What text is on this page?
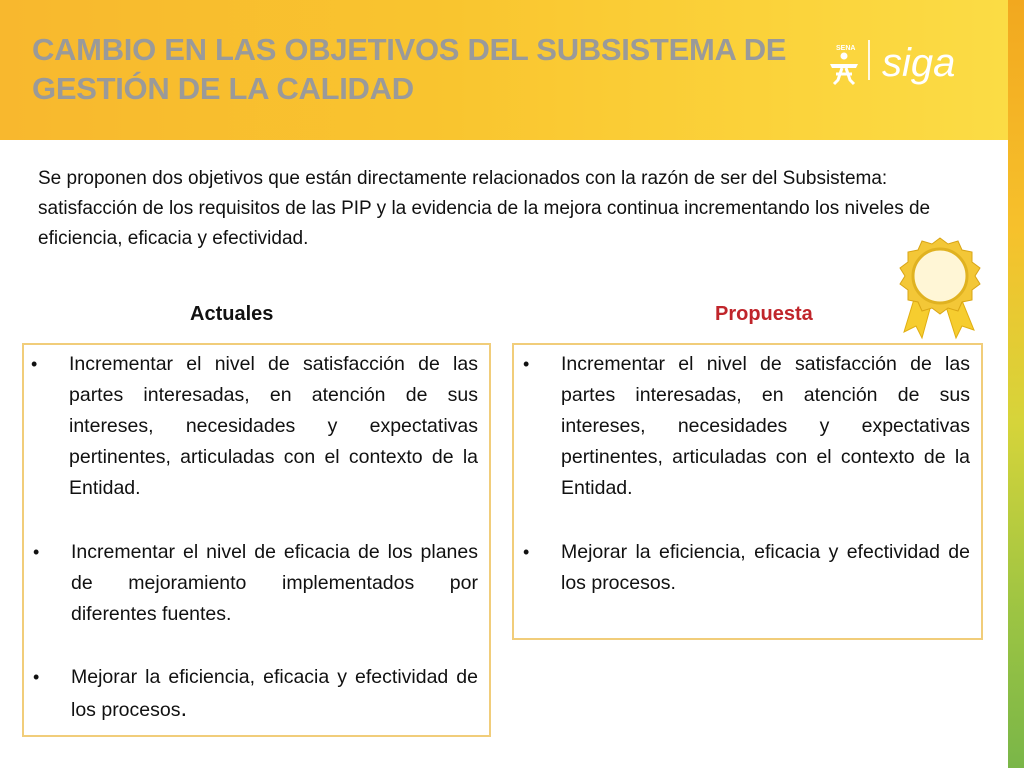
CAMBIO EN LAS OBJETIVOS DEL SUBSISTEMA DE GESTIÓN DE LA CALIDAD
SENA siga
Se proponen dos objetivos que están directamente relacionados con la razón de ser del Subsistema: satisfacción de los requisitos de las PIP y la evidencia de la mejora continua incrementando los niveles de eficiencia, eficacia y efectividad.
Actuales	Propuesta
• Incrementar el nivel de satisfacción de las partes interesadas, en atención de sus intereses, necesidades y expectativas pertinentes, articuladas con el contexto de la Entidad.
• Incrementar el nivel de eficacia de los planes de mejoramiento implementados por diferentes fuentes.
• Mejorar la eficiencia, eficacia y efectividad de los procesos.
• Incrementar el nivel de satisfacción de las partes interesadas, en atención de sus intereses, necesidades y expectativas pertinentes, articuladas con el contexto de la Entidad.
• Mejorar la eficiencia, eficacia y efectividad de los procesos.
